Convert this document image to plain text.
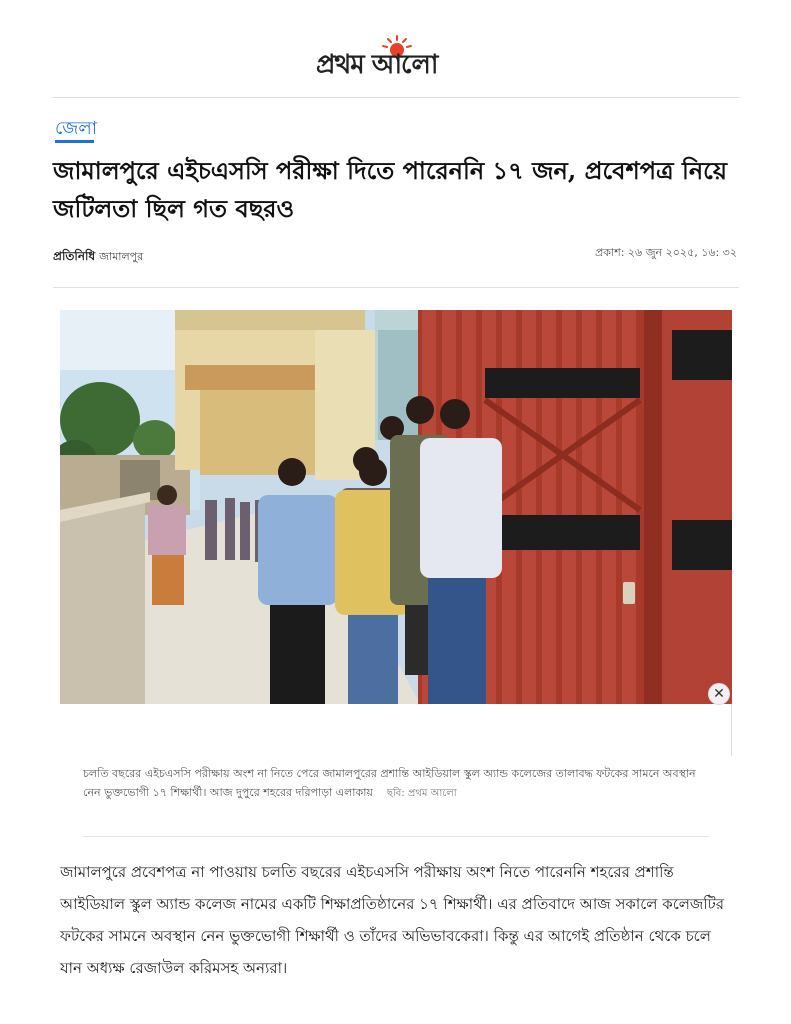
প্রথম আলো
জেলা
জামালপুরে এইচএসসি পরীক্ষা দিতে পারেননি ১৭ জন, প্রবেশপত্র নিয়ে জটিলতা ছিল গত বছরও
প্রতিনিধি জামালপুর	প্রকাশ: ২৬ জুন ২০২৫, ১৬: ৩২
✕

চলতি বছরের এইচএসসি পরীক্ষায় অংশ না নিতে পেরে জামালপুরের প্রশান্তি আইডিয়াল স্কুল অ্যান্ড কলেজের তালাবদ্ধ ফটকের সামনে অবস্থান নেন ভুক্তভোগী ১৭ শিক্ষার্থী। আজ দুপুরে শহরের দরিপাড়া এলাকায় ছবি: প্রথম আলো

জামালপুরে প্রবেশপত্র না পাওয়ায় চলতি বছরের এইচএসসি পরীক্ষায় অংশ নিতে পারেননি শহরের প্রশান্তি আইডিয়াল স্কুল অ্যান্ড কলেজ নামের একটি শিক্ষাপ্রতিষ্ঠানের ১৭ শিক্ষার্থী। এর প্রতিবাদে আজ সকালে কলেজটির ফটকের সামনে অবস্থান নেন ভুক্তভোগী শিক্ষার্থী ও তাঁদের অভিভাবকেরা। কিন্তু এর আগেই প্রতিষ্ঠান থেকে চলে যান অধ্যক্ষ রেজাউল করিমসহ অন্যরা।
